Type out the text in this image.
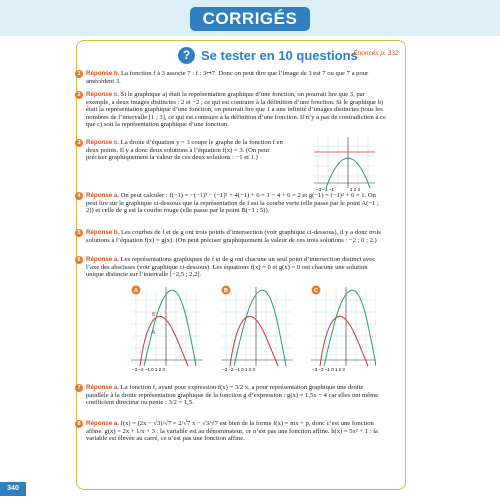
CORRIGÉS
? Se tester en 10 questions
→ Énoncés p. 332
1 Réponse b. La fonction f à 3 associe 7 : f : 3↦7. Donc on peut dire que l’image de 3 est 7 ou que 7 a pour antécédent 3.
2 Réponse c. Si le graphique a) était la représentation graphique d’une fonction, on pourrait lire que 3, par exemple, a deux images distinctes : 2 et −2 , ce qui est contraire à la définition d’une fonction. Si le graphique b) était la représentation graphique d’une fonction, on pourrait lire que 1 a une infinité d’images distinctes (tous les nombres de l’intervalle [1 ; 3], ce qui est contraire à la définition d’une fonction. Il n’y a pas de contradiction à ce que c) soit la représentation graphique d’une fonction.
3 Réponse c. La droite d’équation y = 3 coupe le graphe de la fonction f en deux points. Il y a donc deux solutions à l’équation f(x) = 3. (On peut préciser graphiquement la valeur de ces deux solutions : −1 et 1.)
−3 −2 −1	1 2 3
4 Réponse a. On peut calculer : f(−1) = −(−1)³ − (−1)² + 4(−1) + 6 = 1 − 4 + 6 = 2 et g(−1) = (−1)² + 6 = 1. On peut lire sur le graphique ci-dessous que la représentation de f est la courbe verte (elle passe par le point A(−1 ; 2)) et celle de g est la courbe rouge (elle passe par le point B(−1 ; 5)).
5 Réponse b. Les courbes de f et de g ont trois points d’intersection (voir graphique ci-dessous), il y a donc trois solutions à l’équation f(x) = g(x). (On peut préciser graphiquement la valeur de ces trois solutions : −2 ; 0 ; 2.)
6 Réponse a. Les représentations graphiques de f et de g ont chacune un seul point d’intersection distinct avec l’axe des abscisses (voir graphique ci-dessous). Les équations f(x) = 0 et g(x) = 0 ont chacune une solution unique distincte sur l’intervalle [−2,5 ; 2,2].
A
B
A
−3 −2 −1 0 1 2 3
B
−3 −2 −1 0 1 2 3
C
−3 −2 −1 0 1 2 3
7 Réponse a. La fonction f, ayant pour expression f(x) = 3/2 x, a pour représentation graphique une droite parallèle à la droite représentation graphique de la fonction g d’expression : g(x) = 1,5x − 4 car elles ont même coefficient directeur ou pente : 3/2 = 1,5.
8 Réponse a. f(x) = (2x − √3)/√7 = 2/√7 x − √3/√7 est bien de la forme f(x) = mx + p, donc c’est une fonction affine. g(x) = 2x + 1/x + 3 : la variable est au dénominateur, ce n’est pas une fonction affine. h(x) = 5x² + 1 : la variable est élevée au carré, ce n’est pas une fonction affine.
340
